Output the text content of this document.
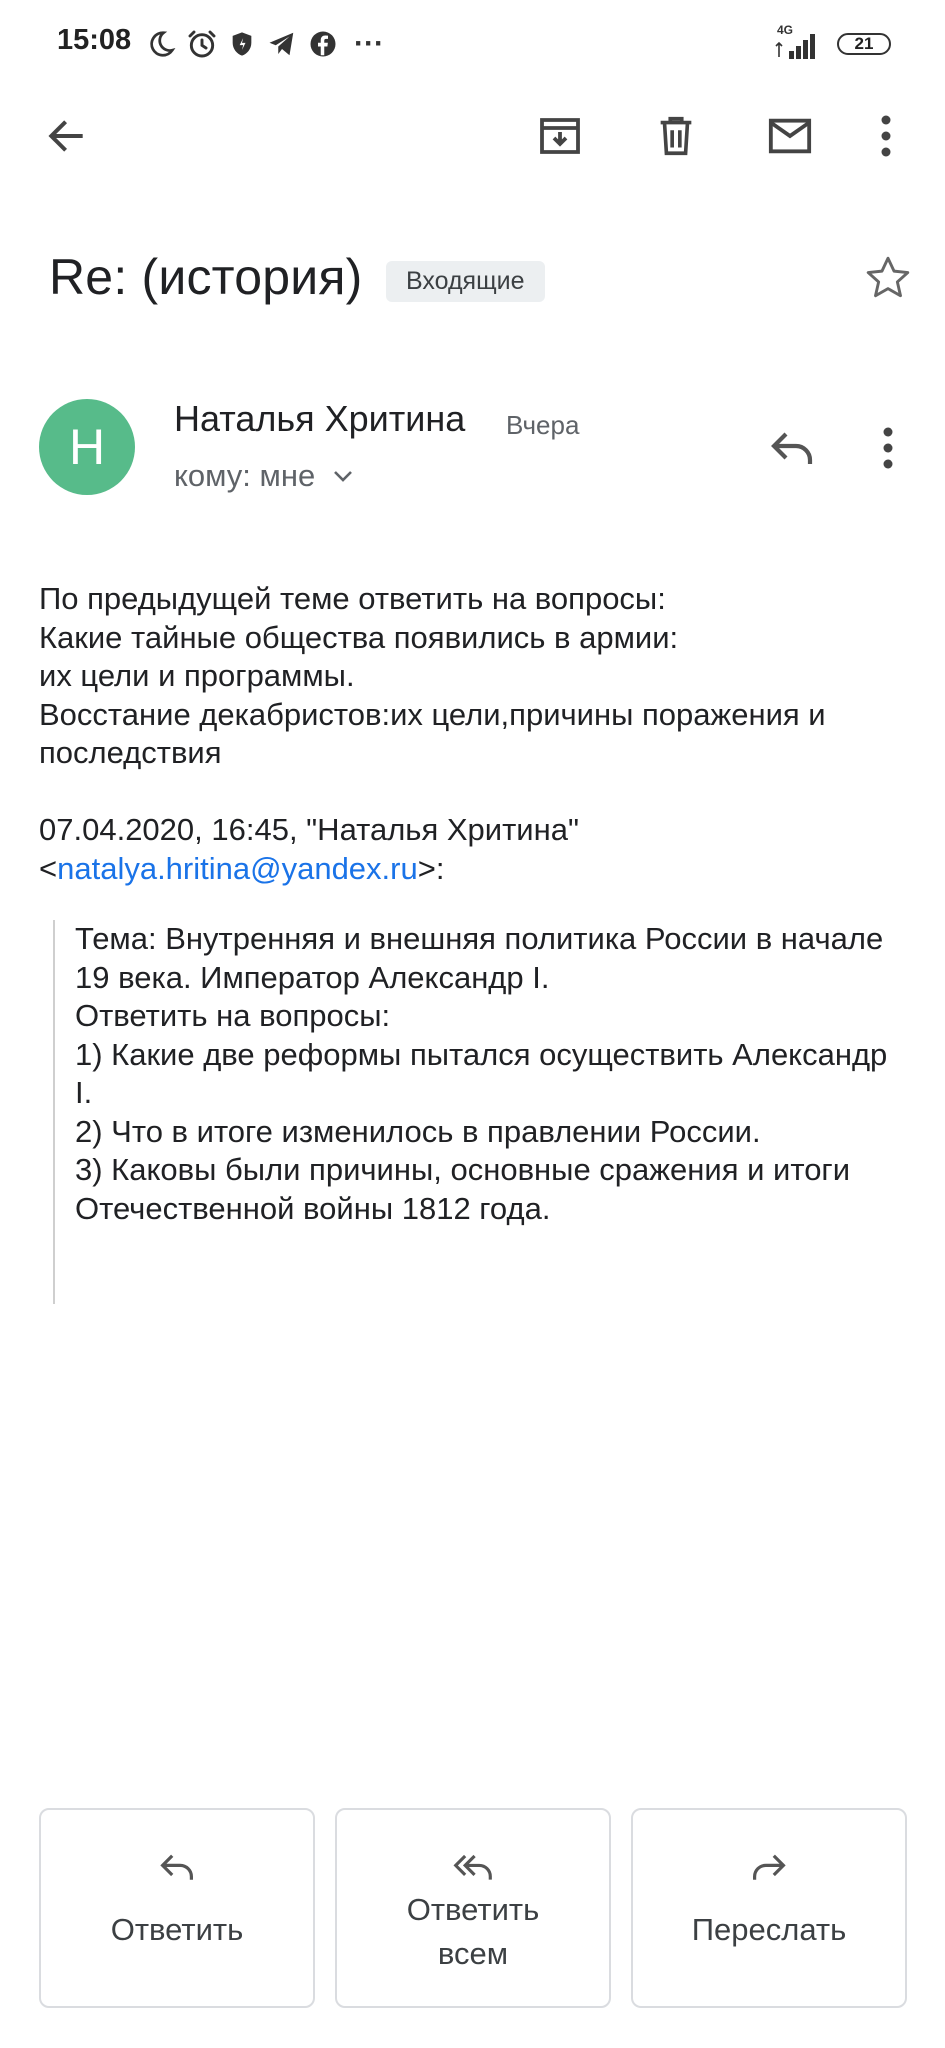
15:08	···	4G
21
Re: (история)	Входящие
H
Наталья Хритина Вчера
кому: мне

По предыдущей теме ответить на вопросы:

Какие тайные общества появились в армии:

их цели и программы.

Восстание декабристов:их цели,причины поражения и последствия

07.04.2020, 16:45, "Наталья Хритина"

<natalya.hritina@yandex.ru>:

Тема: Внутренняя и внешняя политика России в начале 19 века. Император Александр I.

Ответить на вопросы:

1) Какие две реформы пытался осуществить Александр I.

2) Что в итоге изменилось в правлении России.

3) Каковы были причины, основные сражения и итоги Отечественной войны 1812 года.

Ответить
Ответить всем
Переслать
